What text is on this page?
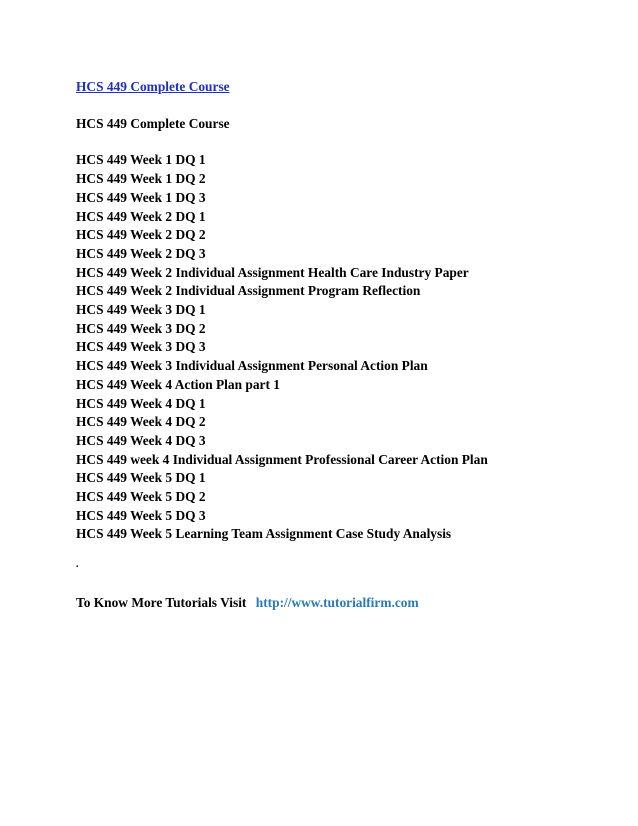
HCS 449 Complete Course
HCS 449 Complete Course
HCS 449 Week 1 DQ 1
HCS 449 Week 1 DQ 2
HCS 449 Week 1 DQ 3
HCS 449 Week 2 DQ 1
HCS 449 Week 2 DQ 2
HCS 449 Week 2 DQ 3
HCS 449 Week 2 Individual Assignment Health Care Industry Paper
HCS 449 Week 2 Individual Assignment Program Reflection
HCS 449 Week 3 DQ 1
HCS 449 Week 3 DQ 2
HCS 449 Week 3 DQ 3
HCS 449 Week 3 Individual Assignment Personal Action Plan
HCS 449 Week 4 Action Plan part 1
HCS 449 Week 4 DQ 1
HCS 449 Week 4 DQ 2
HCS 449 Week 4 DQ 3
HCS 449 week 4 Individual Assignment Professional Career Action Plan
HCS 449 Week 5 DQ 1
HCS 449 Week 5 DQ 2
HCS 449 Week 5 DQ 3
HCS 449 Week 5 Learning Team Assignment Case Study Analysis
.
To Know More Tutorials Visit http://www.tutorialfirm.com
